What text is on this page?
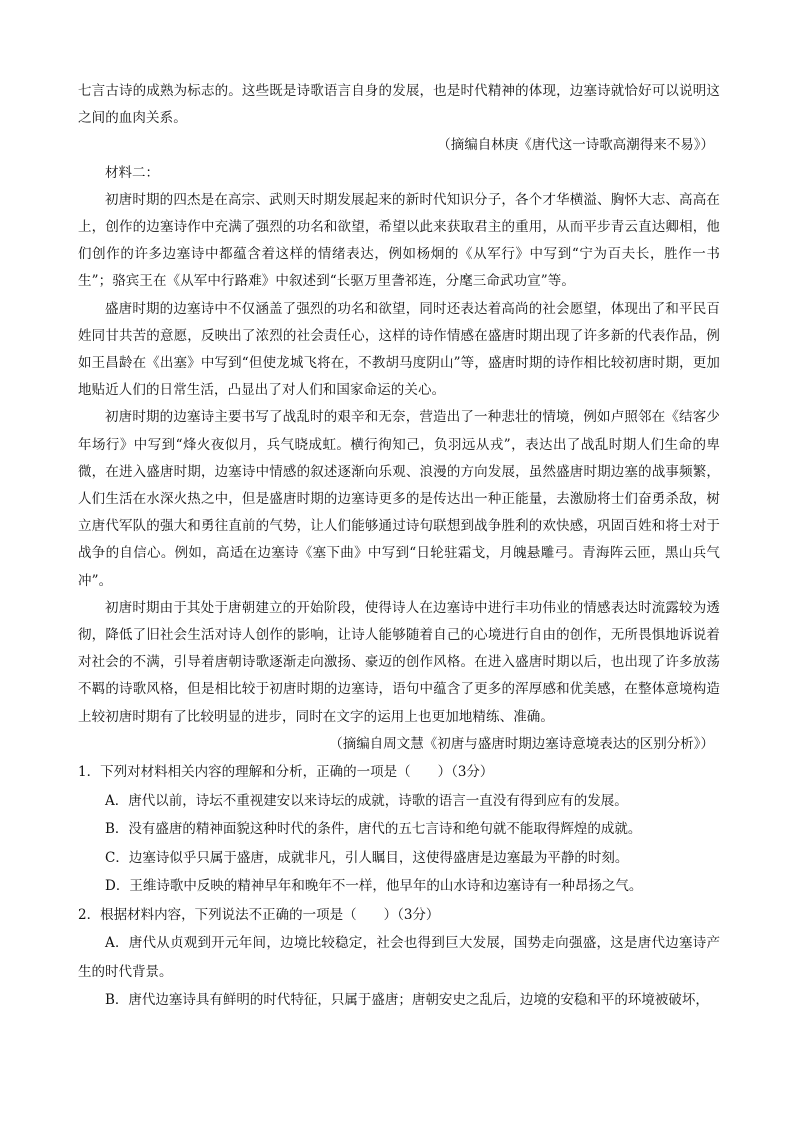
七言古诗的成熟为标志的。这些既是诗歌语言自身的发展，也是时代精神的体现，边塞诗就恰好可以说明这之间的血肉关系。

（摘编自林庚《唐代这一诗歌高潮得来不易》）

材料二：

初唐时期的四杰是在高宗、武则天时期发展起来的新时代知识分子，各个才华横溢、胸怀大志、高高在上，创作的边塞诗作中充满了强烈的功名和欲望，希望以此来获取君主的重用，从而平步青云直达卿相，他们创作的许多边塞诗中都蕴含着这样的情绪表达，例如杨炯的《从军行》中写到“宁为百夫长，胜作一书生”；骆宾王在《从军中行路难》中叙述到“长驱万里詟祁连，分麾三命武功宣”等。

盛唐时期的边塞诗中不仅涵盖了强烈的功名和欲望，同时还表达着高尚的社会愿望，体现出了和平民百姓同甘共苦的意愿，反映出了浓烈的社会责任心，这样的诗作情感在盛唐时期出现了许多新的代表作品，例如王昌龄在《出塞》中写到“但使龙城飞将在，不教胡马度阴山”等，盛唐时期的诗作相比较初唐时期，更加地贴近人们的日常生活，凸显出了对人们和国家命运的关心。

初唐时期的边塞诗主要书写了战乱时的艰辛和无奈，营造出了一种悲壮的情境，例如卢照邻在《结客少年场行》中写到“烽火夜似月，兵气晓成虹。横行徇知己，负羽远从戎”，表达出了战乱时期人们生命的卑微，在进入盛唐时期，边塞诗中情感的叙述逐渐向乐观、浪漫的方向发展，虽然盛唐时期边塞的战事频繁，人们生活在水深火热之中，但是盛唐时期的边塞诗更多的是传达出一种正能量，去激励将士们奋勇杀敌，树立唐代军队的强大和勇往直前的气势，让人们能够通过诗句联想到战争胜利的欢快感，巩固百姓和将士对于战争的自信心。例如，高适在边塞诗《塞下曲》中写到“日轮驻霜戈，月魄悬雕弓。青海阵云匝，黑山兵气冲”。

初唐时期由于其处于唐朝建立的开始阶段，使得诗人在边塞诗中进行丰功伟业的情感表达时流露较为透彻，降低了旧社会生活对诗人创作的影响，让诗人能够随着自己的心境进行自由的创作，无所畏惧地诉说着对社会的不满，引导着唐朝诗歌逐渐走向激扬、豪迈的创作风格。在进入盛唐时期以后，也出现了许多放荡不羁的诗歌风格，但是相比较于初唐时期的边塞诗，语句中蕴含了更多的浑厚感和优美感，在整体意境构造上较初唐时期有了比较明显的进步，同时在文字的运用上也更加地精练、准确。

（摘编自周文慧《初唐与盛唐时期边塞诗意境表达的区别分析》）

1．下列对材料相关内容的理解和分析，正确的一项是（　　）（3分）

A．唐代以前，诗坛不重视建安以来诗坛的成就，诗歌的语言一直没有得到应有的发展。

B．没有盛唐的精神面貌这种时代的条件，唐代的五七言诗和绝句就不能取得辉煌的成就。

C．边塞诗似乎只属于盛唐，成就非凡，引人瞩目，这使得盛唐是边塞最为平静的时刻。

D．王维诗歌中反映的精神早年和晚年不一样，他早年的山水诗和边塞诗有一种昂扬之气。

2．根据材料内容，下列说法不正确的一项是（　　）（3分）

A．唐代从贞观到开元年间，边境比较稳定，社会也得到巨大发展，国势走向强盛，这是唐代边塞诗产生的时代背景。

B．唐代边塞诗具有鲜明的时代特征，只属于盛唐；唐朝安史之乱后，边境的安稳和平的环境被破坏，
